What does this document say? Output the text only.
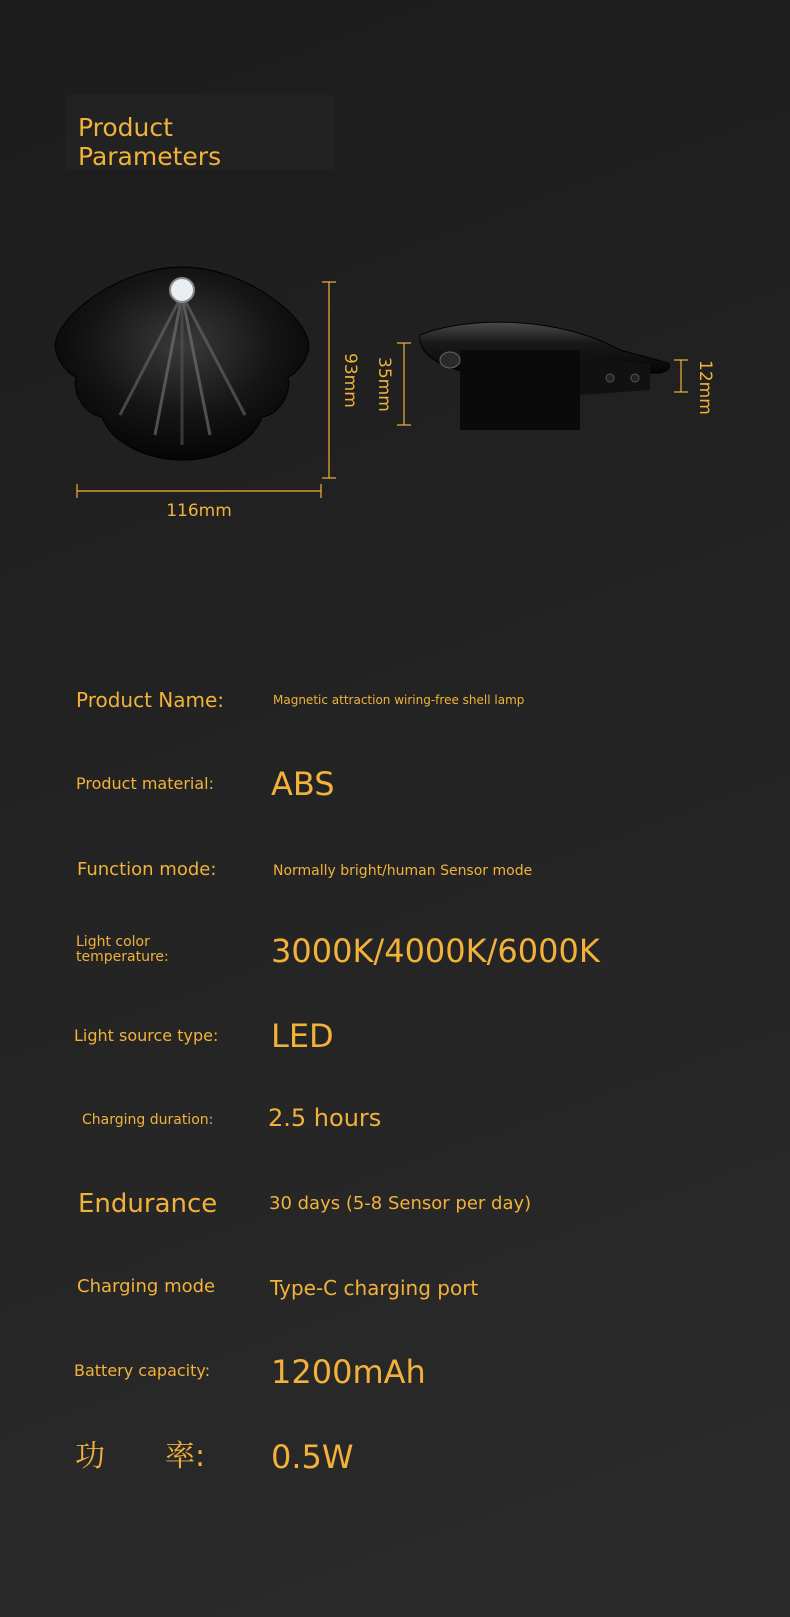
Product Parameters
93mm
116mm
35mm	12mm
Product Name:	Magnetic attraction wiring-free shell lamp
Product material: ABS
Function mode:	Normally bright/human Sensor mode
Light color temperature:	3000K/4000K/6000K
Light source type: LED
Charging duration: 2.5 hours
Endurance	30 days (5-8 Sensor per day)
Charging mode	Type-C charging port
Battery capacity: 1200mAh
功　　率: 0.5W
